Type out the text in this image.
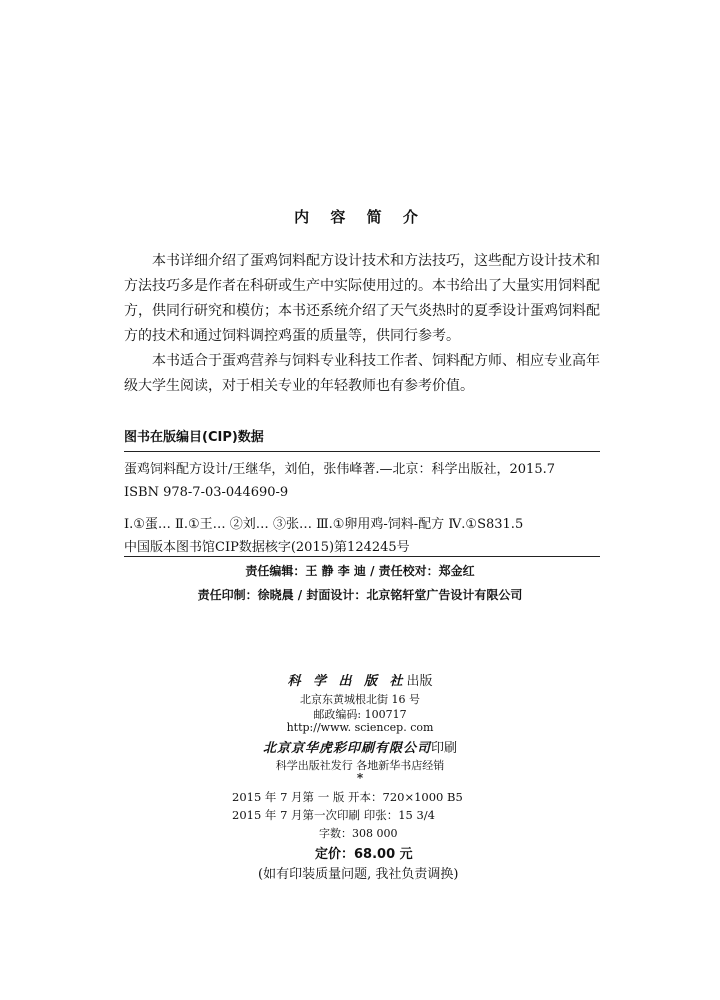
内 容 简 介

本书详细介绍了蛋鸡饲料配方设计技术和方法技巧，这些配方设计技术和方法技巧多是作者在科研或生产中实际使用过的。本书给出了大量实用饲料配方，供同行研究和模仿；本书还系统介绍了天气炎热时的夏季设计蛋鸡饲料配方的技术和通过饲料调控鸡蛋的质量等，供同行参考。

本书适合于蛋鸡营养与饲料专业科技工作者、饲料配方师、相应专业高年级大学生阅读，对于相关专业的年轻教师也有参考价值。

图书在版编目(CIP)数据
蛋鸡饲料配方设计/王继华，刘伯，张伟峰著.—北京：科学出版社，2015.7
ISBN 978-7-03-044690-9
Ⅰ.①蛋… Ⅱ.①王… ②刘… ③张… Ⅲ.①卵用鸡-饲料-配方 Ⅳ.①S831.5
中国版本图书馆CIP数据核字(2015)第124245号
责任编辑：王 静 李 迪 / 责任校对：郑金红
责任印制：徐晓晨 / 封面设计：北京铭轩堂广告设计有限公司
科 学 出 版 社出版
北京东黄城根北街 16 号
邮政编码: 100717
http://www. sciencep. com
北京京华虎彩印刷有限公司印刷
科学出版社发行 各地新华书店经销
*
2015 年 7 月第 一 版 开本：720×1000 B5
2015 年 7 月第一次印刷 印张：15 3/4
字数：308 000
定价：68.00 元
(如有印装质量问题, 我社负责调换)
